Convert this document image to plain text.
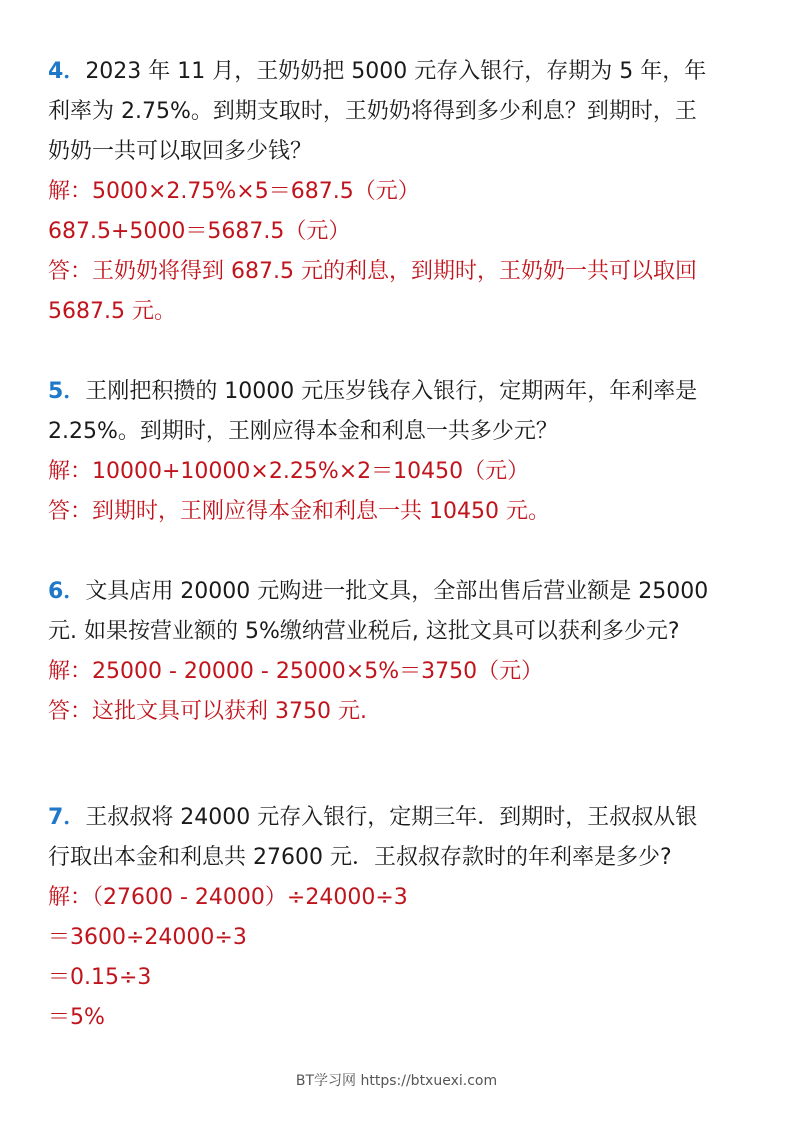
4．2023 年 11 月，王奶奶把 5000 元存入银行，存期为 5 年，年
利率为 2.75%。到期支取时，王奶奶将得到多少利息？到期时，王
奶奶一共可以取回多少钱？
解：5000×2.75%×5＝687.5（元）
687.5+5000＝5687.5（元）
答：王奶奶将得到 687.5 元的利息，到期时，王奶奶一共可以取回
5687.5 元。
5．王刚把积攒的 10000 元压岁钱存入银行，定期两年，年利率是
2.25%。到期时，王刚应得本金和利息一共多少元？
解：10000+10000×2.25%×2＝10450（元）
答：到期时，王刚应得本金和利息一共 10450 元。
6．文具店用 20000 元购进一批文具，全部出售后营业额是 25000
元. 如果按营业额的 5%缴纳营业税后, 这批文具可以获利多少元?
解：25000 - 20000 - 25000×5%＝3750（元）
答：这批文具可以获利 3750 元.
7．王叔叔将 24000 元存入银行，定期三年．到期时，王叔叔从银
行取出本金和利息共 27600 元．王叔叔存款时的年利率是多少?
解：（27600 - 24000）÷24000÷3
＝3600÷24000÷3
＝0.15÷3
＝5%
BT学习网 https://btxuexi.com
